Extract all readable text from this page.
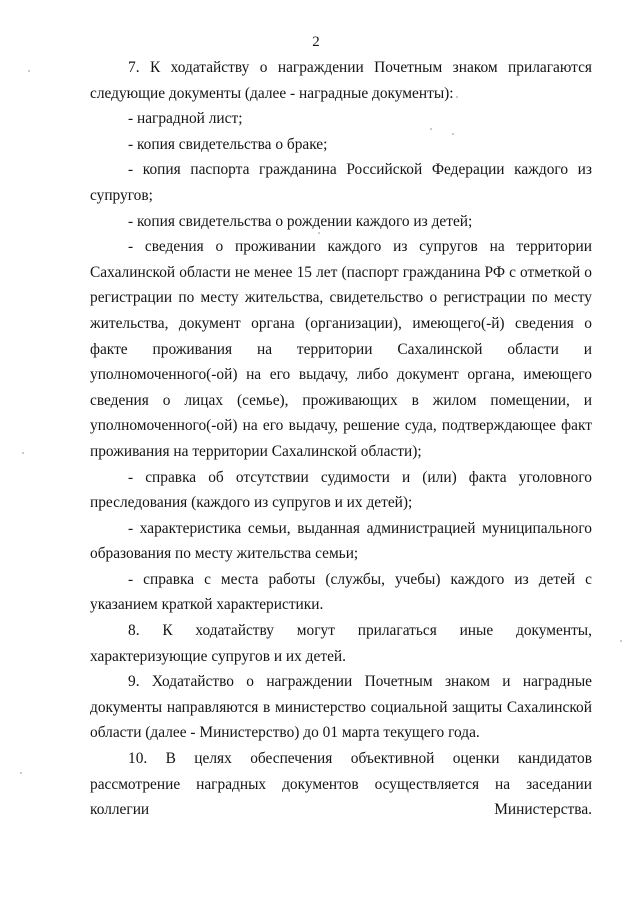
2

7. К ходатайству о награждении Почетным знаком прилагаются следующие документы (далее - наградные документы):

- наградной лист;

- копия свидетельства о браке;

- копия паспорта гражданина Российской Федерации каждого из супругов;

- копия свидетельства о рождении каждого из детей;

- сведения о проживании каждого из супругов на территории Сахалинской области не менее 15 лет (паспорт гражданина РФ с отметкой о регистрации по месту жительства, свидетельство о регистрации по месту жительства, документ органа (организации), имеющего(-й) сведения о факте проживания на территории Сахалинской области и уполномоченного(-ой) на его выдачу, либо документ органа, имеющего сведения о лицах (семье), проживающих в жилом помещении, и уполномоченного(-ой) на его выдачу, решение суда, подтверждающее факт проживания на территории Сахалинской области);

- справка об отсутствии судимости и (или) факта уголовного преследования (каждого из супругов и их детей);

- характеристика семьи, выданная администрацией муниципального образования по месту жительства семьи;

- справка с места работы (службы, учебы) каждого из детей с указанием краткой характеристики.

8. К ходатайству могут прилагаться иные документы, характеризующие супругов и их детей.

9. Ходатайство о награждении Почетным знаком и наградные документы направляются в министерство социальной защиты Сахалинской области (далее - Министерство) до 01 марта текущего года.

10. В целях обеспечения объективной оценки кандидатов рассмотрение наградных документов осуществляется на заседании коллегии Министерства.
